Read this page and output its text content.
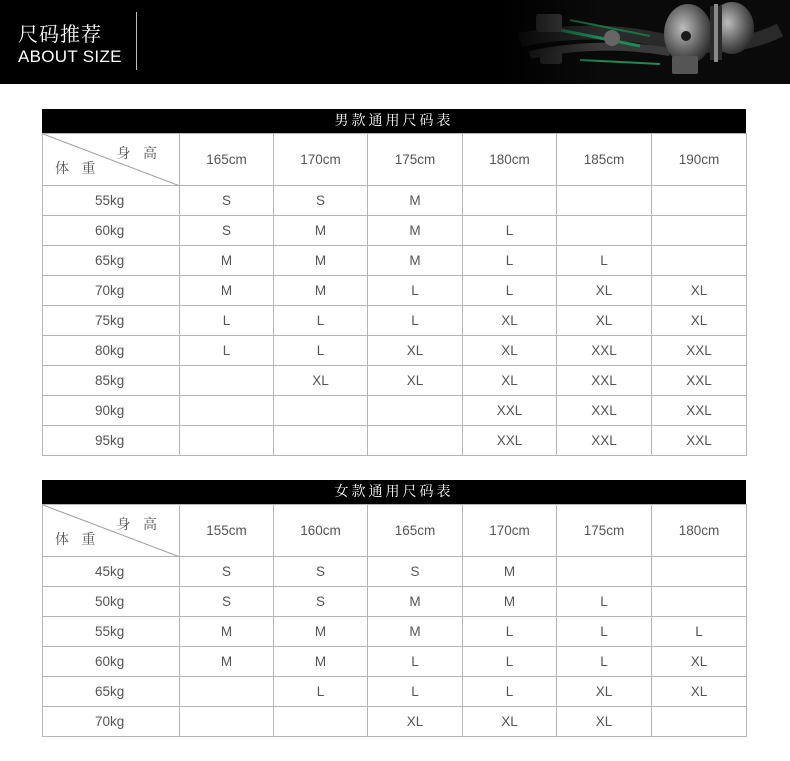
尺码推荐
ABOUT SIZE
男款通用尺码表
身 高
体 重	165cm	170cm	175cm	180cm	185cm	190cm
55kg	S	S	M			
60kg	S	M	M	L		
65kg	M	M	M	L	L	
70kg	M	M	L	L	XL	XL
75kg	L	L	L	XL	XL	XL
80kg	L	L	XL	XL	XXL	XXL
85kg		XL	XL	XL	XXL	XXL
90kg				XXL	XXL	XXL
95kg				XXL	XXL	XXL
女款通用尺码表
身 高
体 重	155cm	160cm	165cm	170cm	175cm	180cm
45kg	S	S	S	M		
50kg	S	S	M	M	L	
55kg	M	M	M	L	L	L
60kg	M	M	L	L	L	XL
65kg		L	L	L	XL	XL
70kg			XL	XL	XL	
